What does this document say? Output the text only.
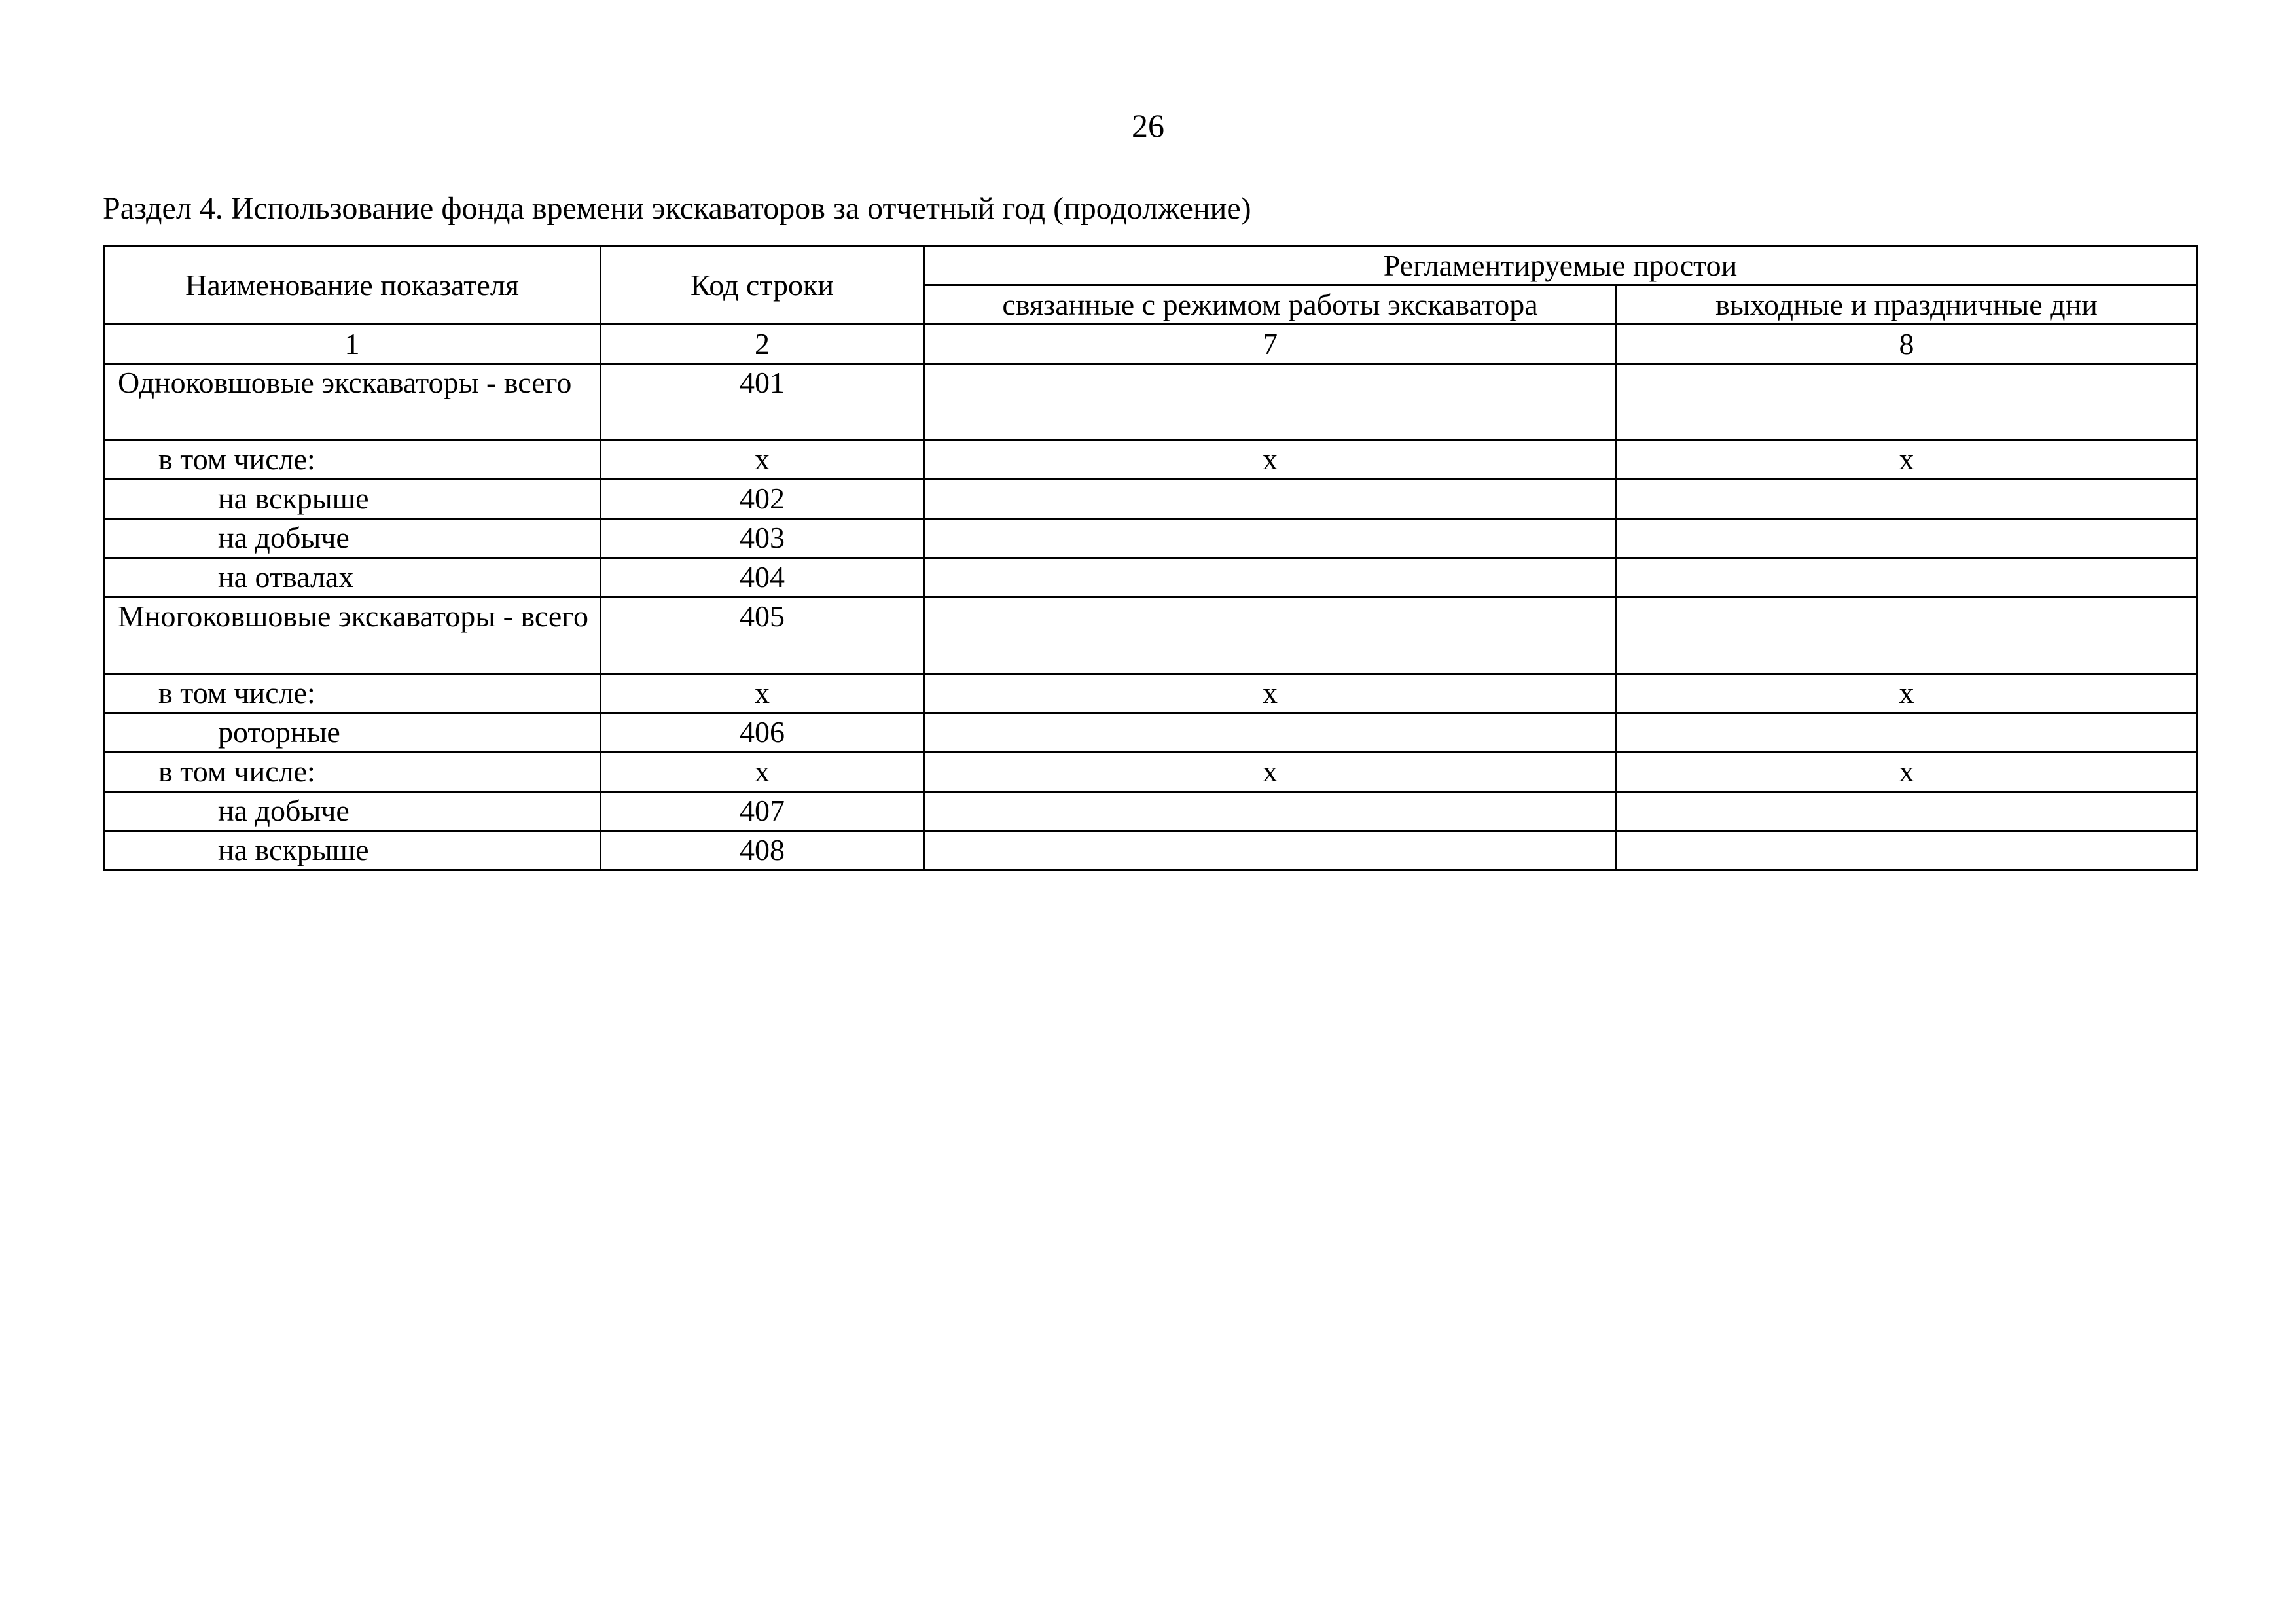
26
Раздел 4. Использование фонда времени экскаваторов за отчетный год (продолжение)
Наименование показателя	Код строки	Регламентируемые простои	
		связанные с режимом работы экскаватора	выходные и праздничные дни
1	2	7	8
Одноковшовые экскаваторы - всего	401		
в том числе:	х	х	х
на вскрыше	402		
на добыче	403		
на отвалах	404		
Многоковшовые экскаваторы - всего	405		
в том числе:	х	х	х
роторные	406		
в том числе:	х	х	х
на добыче	407		
на вскрыше	408		
